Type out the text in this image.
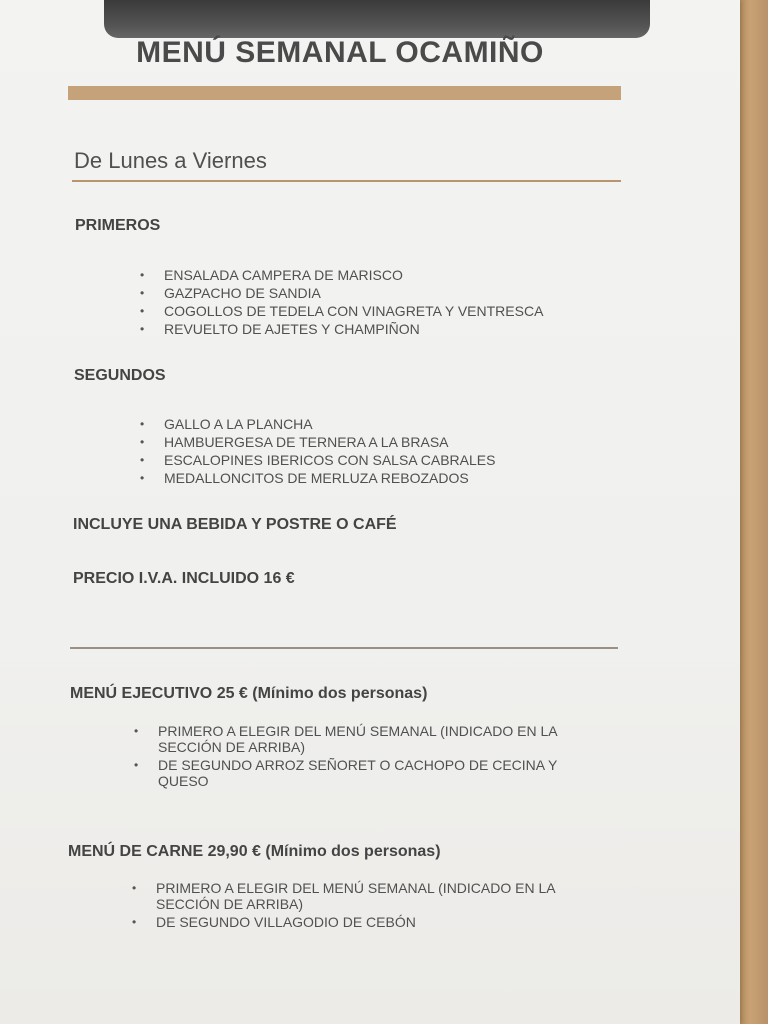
MENÚ SEMANAL OCAMIÑO
De Lunes a Viernes
PRIMEROS
• ENSALADA CAMPERA DE MARISCO
• GAZPACHO DE SANDIA
• COGOLLOS DE TEDELA CON VINAGRETA Y VENTRESCA
• REVUELTO DE AJETES Y CHAMPIÑON
SEGUNDOS
• GALLO A LA PLANCHA
• HAMBUERGESA DE TERNERA A LA BRASA
• ESCALOPINES IBERICOS CON SALSA CABRALES
• MEDALLONCITOS DE MERLUZA REBOZADOS
INCLUYE UNA BEBIDA Y POSTRE O CAFÉ
PRECIO I.V.A. INCLUIDO 16 €
MENÚ EJECUTIVO 25 € (Mínimo dos personas)
• PRIMERO A ELEGIR DEL MENÚ SEMANAL (INDICADO EN LA SECCIÓN DE ARRIBA)
• DE SEGUNDO ARROZ SEÑORET O CACHOPO DE CECINA Y QUESO
MENÚ DE CARNE 29,90 € (Mínimo dos personas)
• PRIMERO A ELEGIR DEL MENÚ SEMANAL (INDICADO EN LA SECCIÓN DE ARRIBA)
• DE SEGUNDO VILLAGODIO DE CEBÓN
